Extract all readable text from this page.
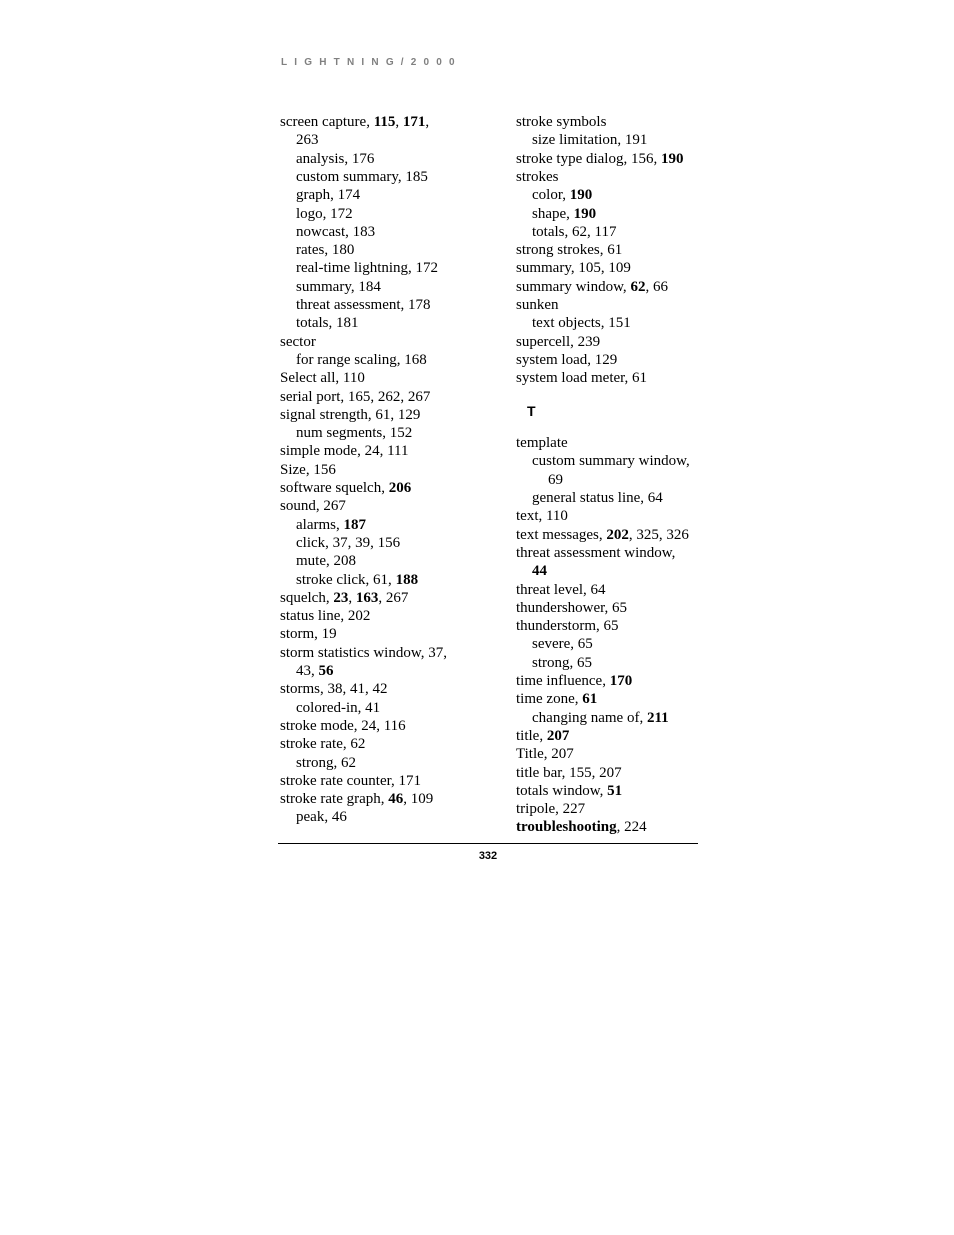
LIGHTNING/2000
screen capture, 115, 171,
263
analysis, 176
custom summary, 185
graph, 174
logo, 172
nowcast, 183
rates, 180
real-time lightning, 172
summary, 184
threat assessment, 178
totals, 181
sector
for range scaling, 168
Select all, 110
serial port, 165, 262, 267
signal strength, 61, 129
num segments, 152
simple mode, 24, 111
Size, 156
software squelch, 206
sound, 267
alarms, 187
click, 37, 39, 156
mute, 208
stroke click, 61, 188
squelch, 23, 163, 267
status line, 202
storm, 19
storm statistics window, 37,
43, 56
storms, 38, 41, 42
colored-in, 41
stroke mode, 24, 116
stroke rate, 62
strong, 62
stroke rate counter, 171
stroke rate graph, 46, 109
peak, 46
stroke symbols
size limitation, 191
stroke type dialog, 156, 190
strokes
color, 190
shape, 190
totals, 62, 117
strong strokes, 61
summary, 105, 109
summary window, 62, 66
sunken
text objects, 151
supercell, 239
system load, 129
system load meter, 61
T
template
custom summary window,
69
general status line, 64
text, 110
text messages, 202, 325, 326
threat assessment window,
44
threat level, 64
thundershower, 65
thunderstorm, 65
severe, 65
strong, 65
time influence, 170
time zone, 61
changing name of, 211
title, 207
Title, 207
title bar, 155, 207
totals window, 51
tripole, 227
troubleshooting, 224
332
